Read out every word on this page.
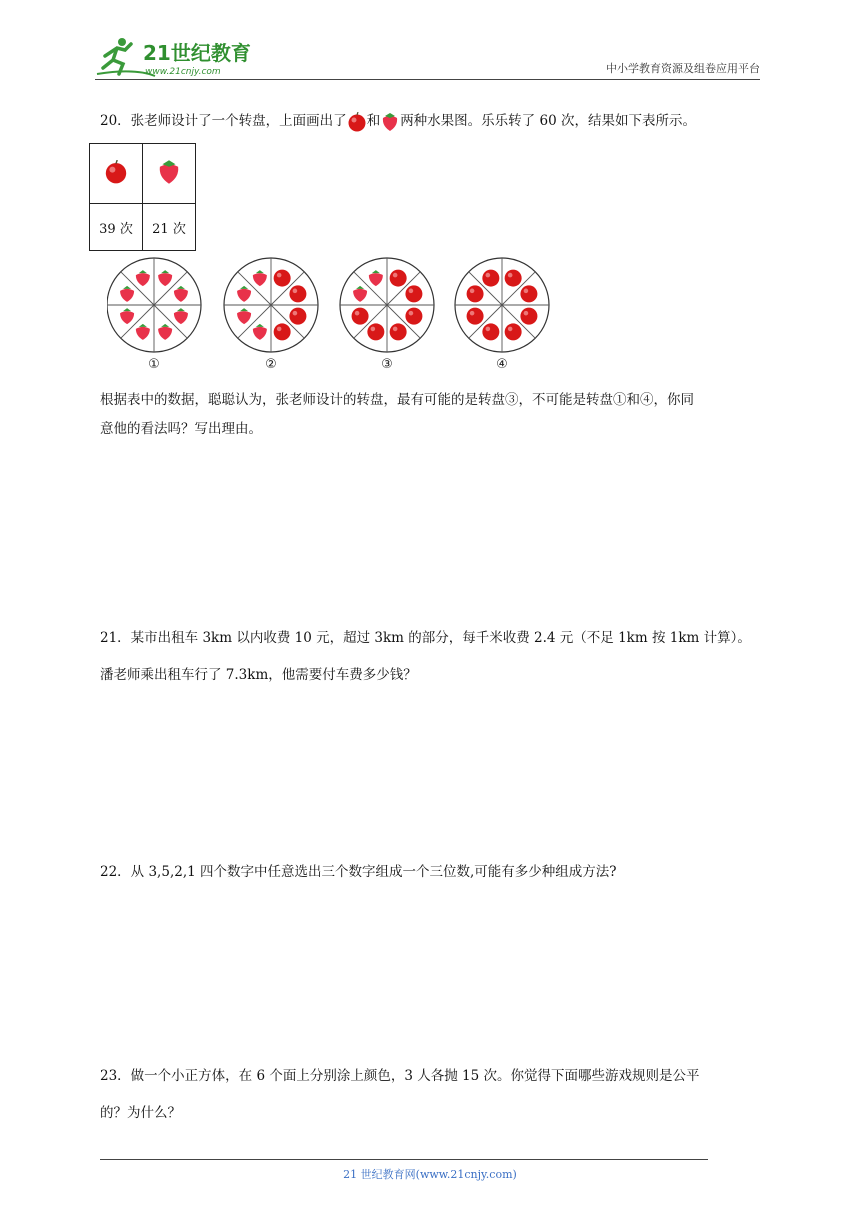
21世纪教育
www.21cnjy.com	中小学教育资源及组卷应用平台
20．张老师设计了一个转盘，上面画出了 和 两种水果图。乐乐转了 60 次，结果如下表所示。

39 次	21 次
①	②	③	④
根据表中的数据，聪聪认为，张老师设计的转盘，最有可能的是转盘③，不可能是转盘①和④，你同
意他的看法吗？写出理由。
21．某市出租车 3km 以内收费 10 元，超过 3km 的部分，每千米收费 2.4 元（不足 1km 按 1km 计算）。
潘老师乘出租车行了 7.3km，他需要付车费多少钱？
22．从 3,5,2,1 四个数字中任意选出三个数字组成一个三位数,可能有多少种组成方法?
23．做一个小正方体，在 6 个面上分别涂上颜色，3 人各抛 15 次。你觉得下面哪些游戏规则是公平
的？为什么？
21 世纪教育网(www.21cnjy.com)
